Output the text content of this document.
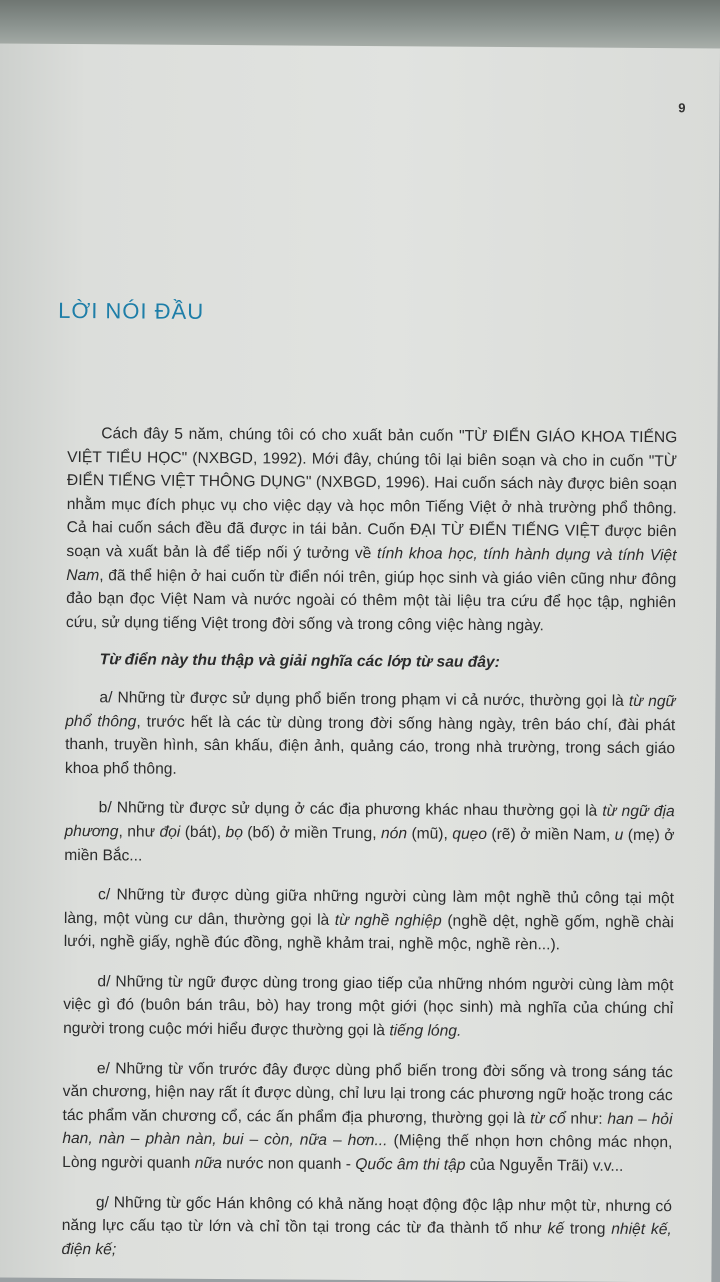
9
LỜI NÓI ĐẦU

Cách đây 5 năm, chúng tôi có cho xuất bản cuốn "TỪ ĐIỂN GIÁO KHOA TIẾNG VIỆT TIỂU HỌC" (NXBGD, 1992). Mới đây, chúng tôi lại biên soạn và cho in cuốn "TỪ ĐIỂN TIẾNG VIỆT THÔNG DỤNG" (NXBGD, 1996). Hai cuốn sách này được biên soạn nhằm mục đích phục vụ cho việc dạy và học môn Tiếng Việt ở nhà trường phổ thông. Cả hai cuốn sách đều đã được in tái bản. Cuốn ĐẠI TỪ ĐIỂN TIẾNG VIỆT được biên soạn và xuất bản là để tiếp nối ý tưởng về tính khoa học, tính hành dụng và tính Việt Nam, đã thể hiện ở hai cuốn từ điển nói trên, giúp học sinh và giáo viên cũng như đông đảo bạn đọc Việt Nam và nước ngoài có thêm một tài liệu tra cứu để học tập, nghiên cứu, sử dụng tiếng Việt trong đời sống và trong công việc hàng ngày.

Từ điển này thu thập và giải nghĩa các lớp từ sau đây:

a/ Những từ được sử dụng phổ biến trong phạm vi cả nước, thường gọi là từ ngữ phổ thông, trước hết là các từ dùng trong đời sống hàng ngày, trên báo chí, đài phát thanh, truyền hình, sân khấu, điện ảnh, quảng cáo, trong nhà trường, trong sách giáo khoa phổ thông.

b/ Những từ được sử dụng ở các địa phương khác nhau thường gọi là từ ngữ địa phương, như đọi (bát), bọ (bố) ở miền Trung, nón (mũ), quẹo (rẽ) ở miền Nam, u (mẹ) ở miền Bắc...

c/ Những từ được dùng giữa những người cùng làm một nghề thủ công tại một làng, một vùng cư dân, thường gọi là từ nghề nghiệp (nghề dệt, nghề gốm, nghề chài lưới, nghề giấy, nghề đúc đồng, nghề khảm trai, nghề mộc, nghề rèn...).

d/ Những từ ngữ được dùng trong giao tiếp của những nhóm người cùng làm một việc gì đó (buôn bán trâu, bò) hay trong một giới (học sinh) mà nghĩa của chúng chỉ người trong cuộc mới hiểu được thường gọi là tiếng lóng.

e/ Những từ vốn trước đây được dùng phổ biến trong đời sống và trong sáng tác văn chương, hiện nay rất ít được dùng, chỉ lưu lại trong các phương ngữ hoặc trong các tác phẩm văn chương cổ, các ấn phẩm địa phương, thường gọi là từ cổ như: han – hỏi han, nàn – phàn nàn, bui – còn, nữa – hơn... (Miệng thế nhọn hơn chông mác nhọn, Lòng người quanh nữa nước non quanh - Quốc âm thi tập của Nguyễn Trãi) v.v...

g/ Những từ gốc Hán không có khả năng hoạt động độc lập như một từ, nhưng có năng lực cấu tạo từ lớn và chỉ tồn tại trong các từ đa thành tố như kế trong nhiệt kế, điện kế;
